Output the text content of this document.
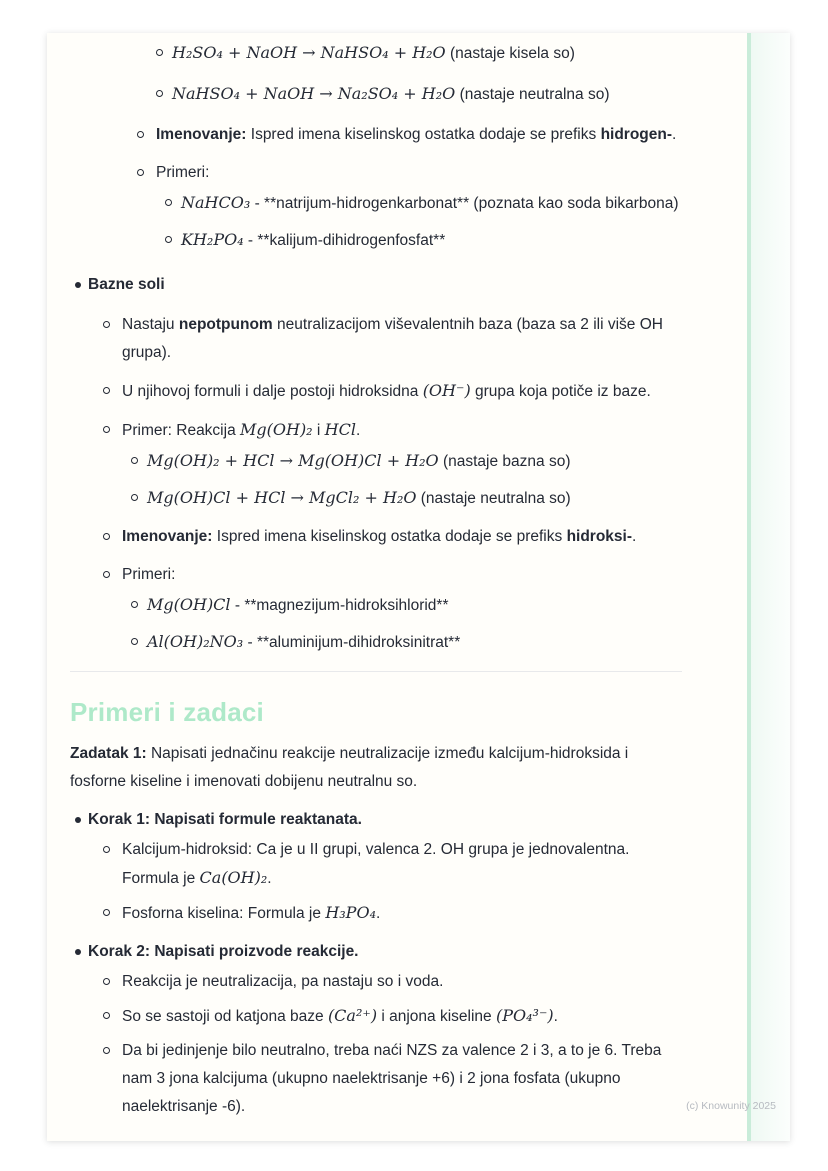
H₂SO₄ + NaOH → NaHSO₄ + H₂O (nastaje kisela so)
NaHSO₄ + NaOH → Na₂SO₄ + H₂O (nastaje neutralna so)
Imenovanje: Ispred imena kiselinskog ostatka dodaje se prefiks hidrogen-.
Primeri:
NaHCO₃ - **natrijum-hidrogenkarbonat** (poznata kao soda bikarbona)
KH₂PO₄ - **kalijum-dihidrogenfosfat**
Bazne soli
Nastaju nepotpunom neutralizacijom viševalentnih baza (baza sa 2 ili više OH grupa).
U njihovoj formuli i dalje postoji hidroksidna (OH⁻) grupa koja potiče iz baze.
Primer: Reakcija Mg(OH)₂ i HCl.
Mg(OH)₂ + HCl → Mg(OH)Cl + H₂O (nastaje bazna so)
Mg(OH)Cl + HCl → MgCl₂ + H₂O (nastaje neutralna so)
Imenovanje: Ispred imena kiselinskog ostatka dodaje se prefiks hidroksi-.
Primeri:
Mg(OH)Cl - **magnezijum-hidroksihlorid**
Al(OH)₂NO₃ - **aluminijum-dihidroksinitrat**
Primeri i zadaci

Zadatak 1: Napisati jednačinu reakcije neutralizacije između kalcijum-hidroksida i fosforne kiseline i imenovati dobijenu neutralnu so.

Korak 1: Napisati formule reaktanata.
Kalcijum-hidroksid: Ca je u II grupi, valenca 2. OH grupa je jednovalentna. Formula je Ca(OH)₂.
Fosforna kiselina: Formula je H₃PO₄.
Korak 2: Napisati proizvode reakcije.
Reakcija je neutralizacija, pa nastaju so i voda.
So se sastoji od katjona baze (Ca²⁺) i anjona kiseline (PO₄³⁻).
Da bi jedinjenje bilo neutralno, treba naći NZS za valence 2 i 3, a to je 6. Treba nam 3 jona kalcijuma (ukupno naelektrisanje +6) i 2 jona fosfata (ukupno naelektrisanje -6).	(c) Knowunity 2025
